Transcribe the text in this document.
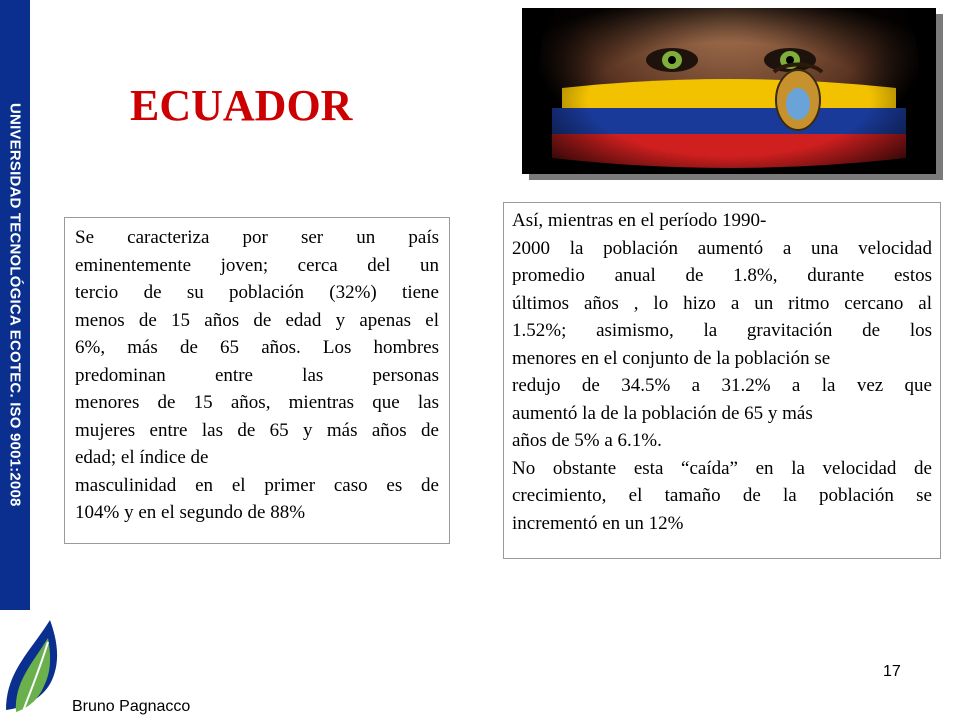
UNIVERSIDAD TECNOLÓGICA ECOTEC. ISO 9001:2008
Bruno Pagnacco
17
ECUADOR

Se caracteriza por ser un país

eminentemente joven; cerca del un

tercio de su población (32%) tiene

menos de 15 años de edad y apenas el

6%, más de 65 años. Los hombres

predominan entre las personas

menores de 15 años, mientras que las

mujeres entre las de 65 y más años de

edad; el índice de

masculinidad en el primer caso es de

104% y en el segundo de 88%

Así, mientras en el período 1990-

2000 la población aumentó a una velocidad

promedio anual de 1.8%, durante estos

últimos años , lo hizo a un ritmo cercano al

1.52%; asimismo, la gravitación de los

menores en el conjunto de la población se

redujo de 34.5% a 31.2% a la vez que

aumentó la de la población de 65 y más

años de 5% a 6.1%.

No obstante esta “caída” en la velocidad de

crecimiento, el tamaño de la población se

incrementó en un 12%
